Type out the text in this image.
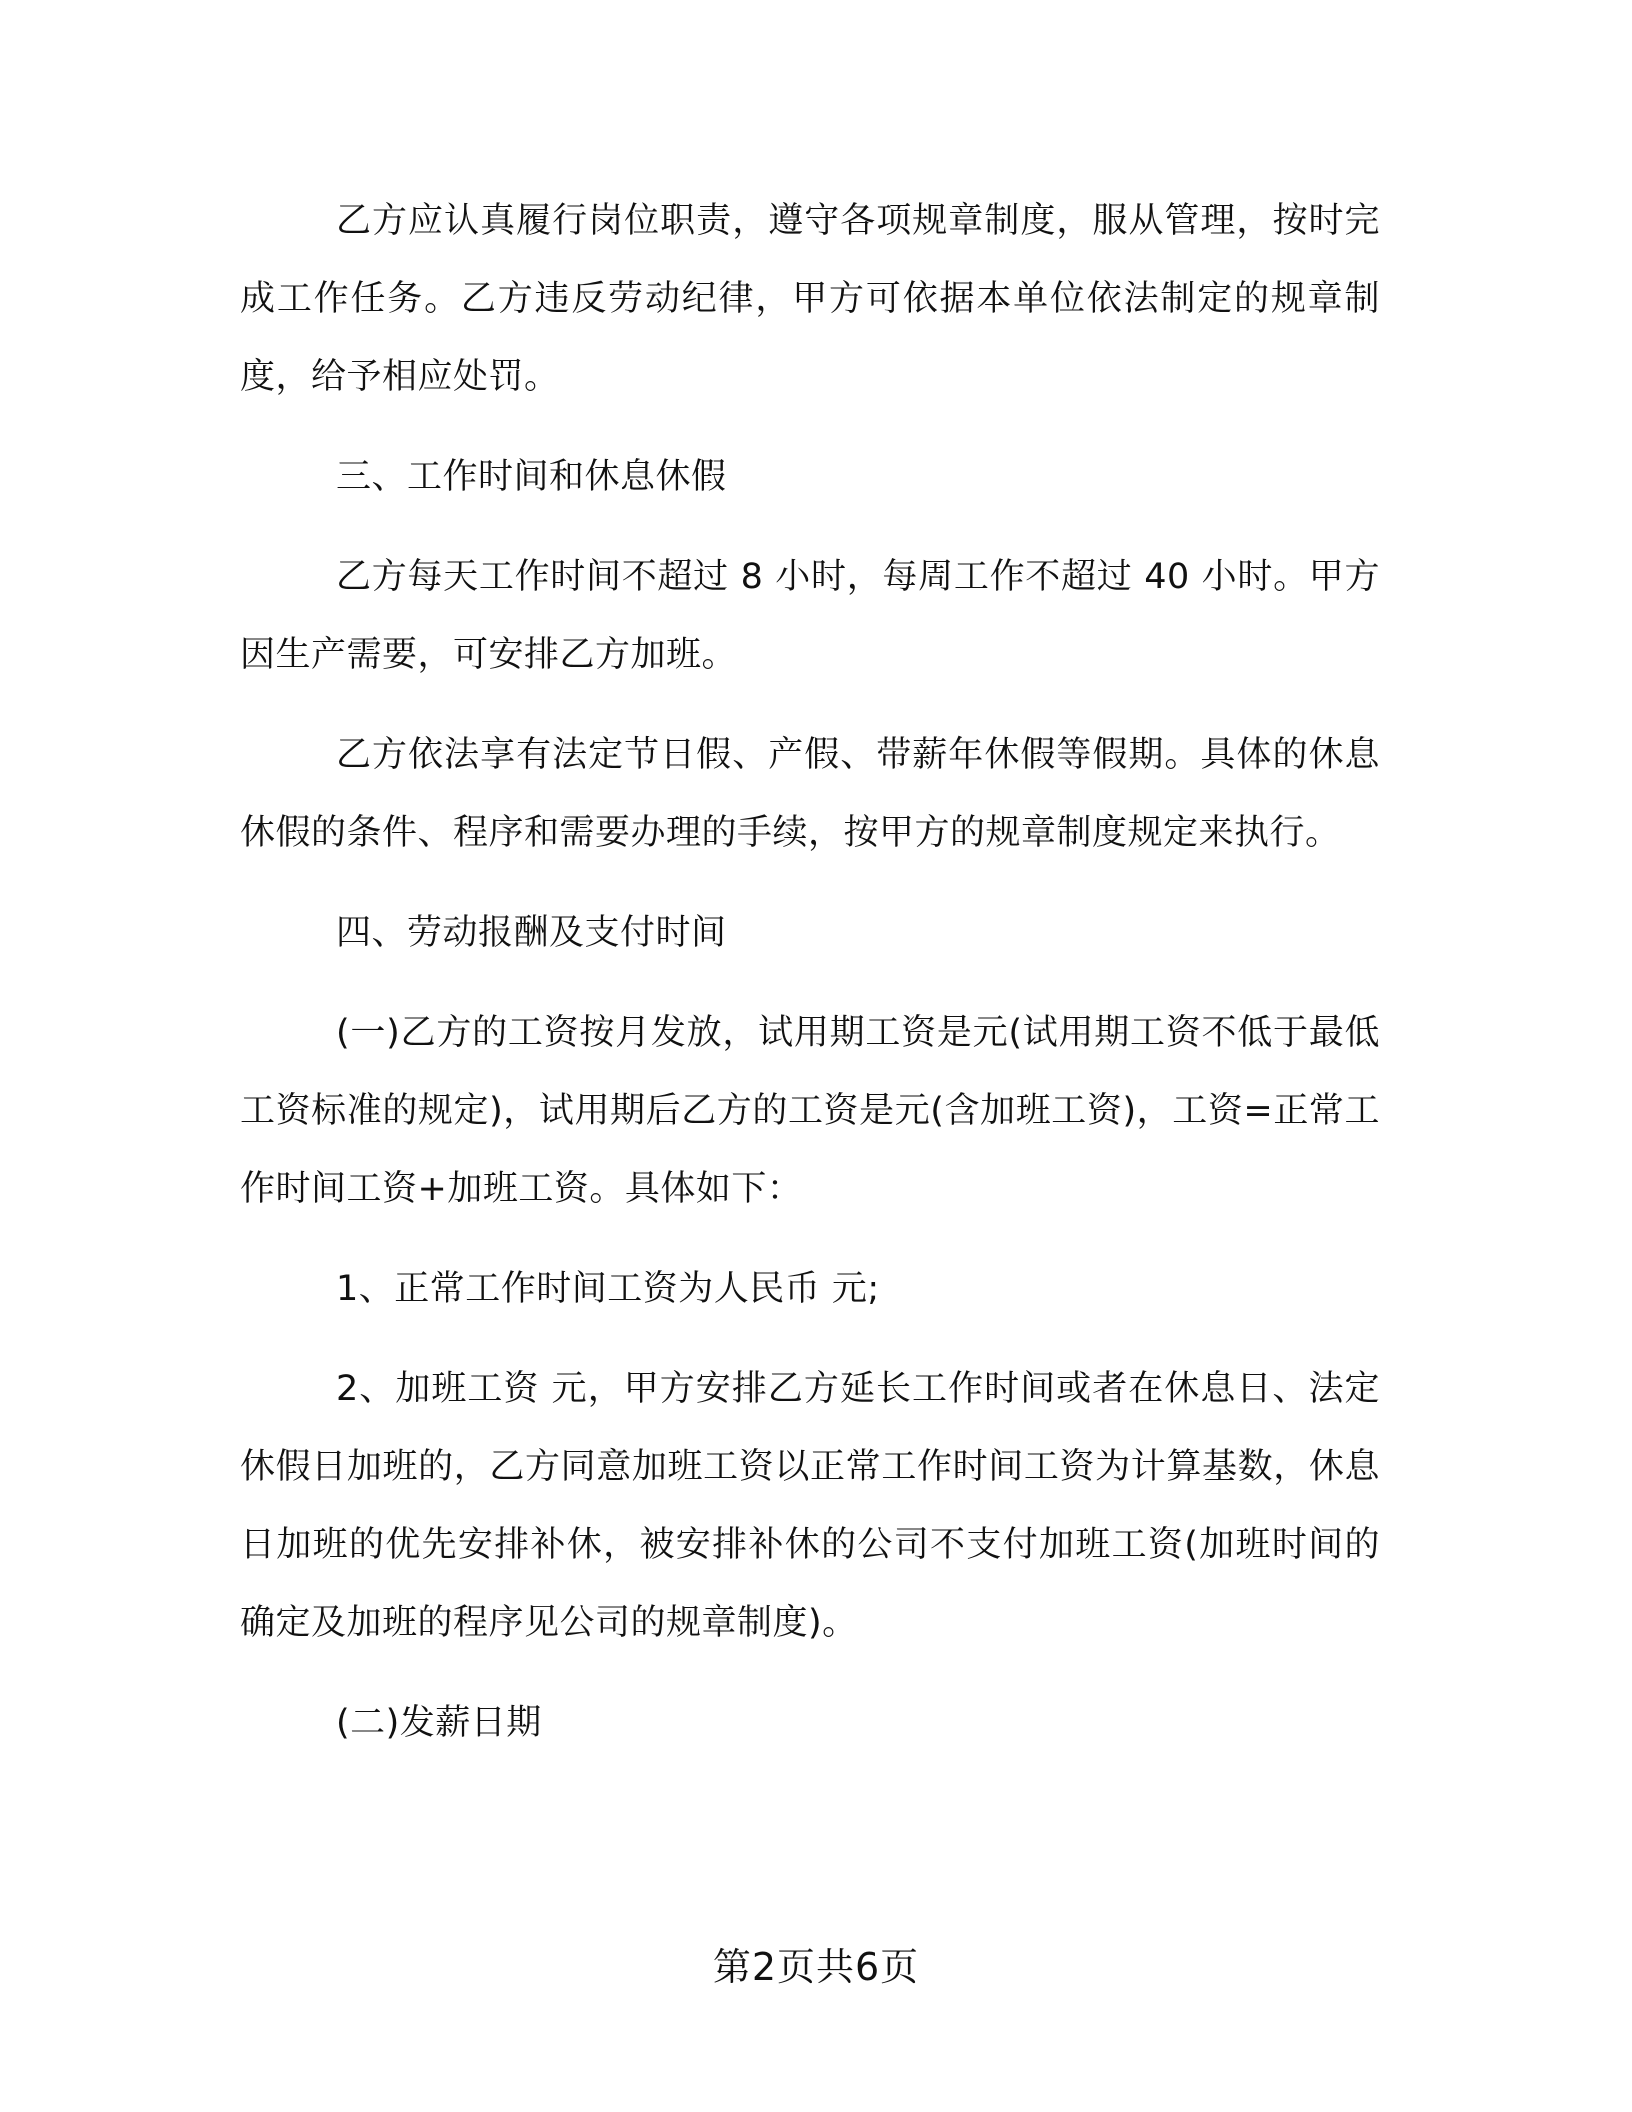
乙方应认真履行岗位职责，遵守各项规章制度，服从管理，按时完成工作任务。乙方违反劳动纪律，甲方可依据本单位依法制定的规章制度，给予相应处罚。

三、工作时间和休息休假

乙方每天工作时间不超过 8 小时，每周工作不超过 40 小时。甲方因生产需要，可安排乙方加班。

乙方依法享有法定节日假、产假、带薪年休假等假期。具体的休息休假的条件、程序和需要办理的手续，按甲方的规章制度规定来执行。

四、劳动报酬及支付时间

(一)乙方的工资按月发放，试用期工资是元(试用期工资不低于最低工资标准的规定)，试用期后乙方的工资是元(含加班工资)，工资=正常工作时间工资+加班工资。具体如下：

1、正常工作时间工资为人民币 元;

2、加班工资 元，甲方安排乙方延长工作时间或者在休息日、法定休假日加班的，乙方同意加班工资以正常工作时间工资为计算基数，休息日加班的优先安排补休，被安排补休的公司不支付加班工资(加班时间的确定及加班的程序见公司的规章制度)。

(二)发薪日期

第2页共6页
